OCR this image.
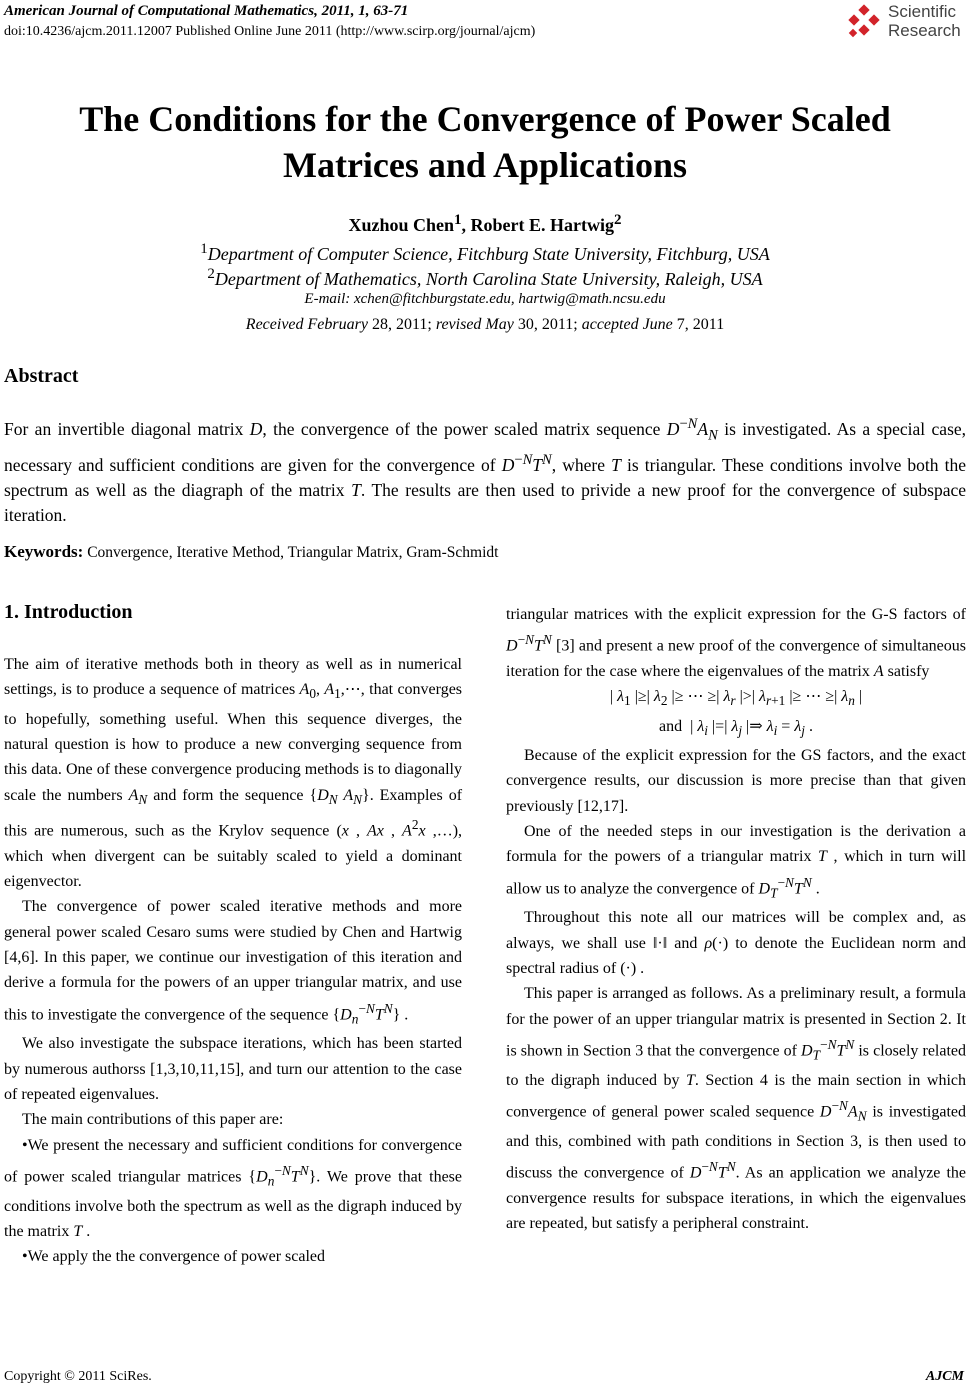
American Journal of Computational Mathematics, 2011, 1, 63-71
doi:10.4236/ajcm.2011.12007 Published Online June 2011 (http://www.scirp.org/journal/ajcm)
Scientific
Research
The Conditions for the Convergence of Power Scaled
Matrices and Applications
Xuzhou Chen$^1$, Robert E. Hartwig$^2$
$^1$Department of Computer Science, Fitchburg State University, Fitchburg, USA
$^2$Department of Mathematics, North Carolina State University, Raleigh, USA
E-mail: xchen@fitchburgstate.edu, hartwig@math.ncsu.edu
Received February 28, 2011; revised May 30, 2011; accepted June 7, 2011
Abstract
For an invertible diagonal matrix D, the convergence of the power scaled matrix sequence $D^{-N}A_N$ is investigated. As a special case, necessary and sufficient conditions are given for the convergence of $D^{-N}T^N$, where T is triangular. These conditions involve both the spectrum as well as the diagraph of the matrix T. The results are then used to privide a new proof for the convergence of subspace iteration.
Keywords: Convergence, Iterative Method, Triangular Matrix, Gram-Schmidt
1. Introduction

The aim of iterative methods both in theory as well as in numerical settings, is to produce a sequence of matrices $A_0$, $A_1,\cdots$, that converges to hopefully, something useful. When this sequence diverges, the natural question is how to produce a new converging sequence from this data. One of these convergence producing methods is to diagonally scale the numbers $A_N$ and form the sequence {$D_N$ $A_N$}. Examples of this are numerous, such as the Krylov sequence (x , Ax , $A^2x$ ,…), which when divergent can be suitably scaled to yield a dominant eigenvector.

The convergence of power scaled iterative methods and more general power scaled Cesaro sums were studied by Chen and Hartwig [4,6]. In this paper, we continue our investigation of this iteration and derive a formula for the powers of an upper triangular matrix, and use this to investigate the convergence of the sequence $\{D_n^{-N}T^N\}$ .

We also investigate the subspace iterations, which has been started by numerous authorss [1,3,10,11,15], and turn our attention to the case of repeated eigenvalues.

The main contributions of this paper are:

•We present the necessary and sufficient conditions for convergence of power scaled triangular matrices $\{D_n^{-N}T^N\}$. We prove that these conditions involve both the spectrum as well as the digraph induced by the matrix T .

•We apply the the convergence of power scaled

triangular matrices with the explicit expression for the G-S factors of $D^{-N}T^N$ [3] and present a new proof of the convergence of simultaneous iteration for the case where the eigenvalues of the matrix A satisfy

| $\lambda_1$ |≥| $\lambda_2$ |≥ ⋯ ≥| $\lambda_r$ |>| $\lambda_{r+1}$ |≥ ⋯ ≥| $\lambda_n$ |

and  | $\lambda_i$ |=| $\lambda_j$ |⇒ $\lambda_i = \lambda_j$ .

Because of the explicit expression for the GS factors, and the exact convergence results, our discussion is more precise than that given previously [12,17].

One of the needed steps in our investigation is the derivation a formula for the powers of a triangular matrix T , which in turn will allow us to analyze the convergence of $D_T^{-N}T^N$ .

Throughout this note all our matrices will be complex and, as always, we shall use ‖·‖ and ρ(·) to denote the Euclidean norm and spectral radius of (·) .

This paper is arranged as follows. As a preliminary result, a formula for the power of an upper triangular matrix is presented in Section 2. It is shown in Section 3 that the convergence of $D_T^{-N}T^N$ is closely related to the digraph induced by T. Section 4 is the main section in which convergence of general power scaled sequence $D^{-N}A_N$ is investigated and this, combined with path conditions in Section 3, is then used to discuss the convergence of $D^{-N}T^N$. As an application we analyze the convergence results for subspace iterations, in which the eigenvalues are repeated, but satisfy a peripheral constraint.

Copyright © 2011 SciRes.	AJCM
